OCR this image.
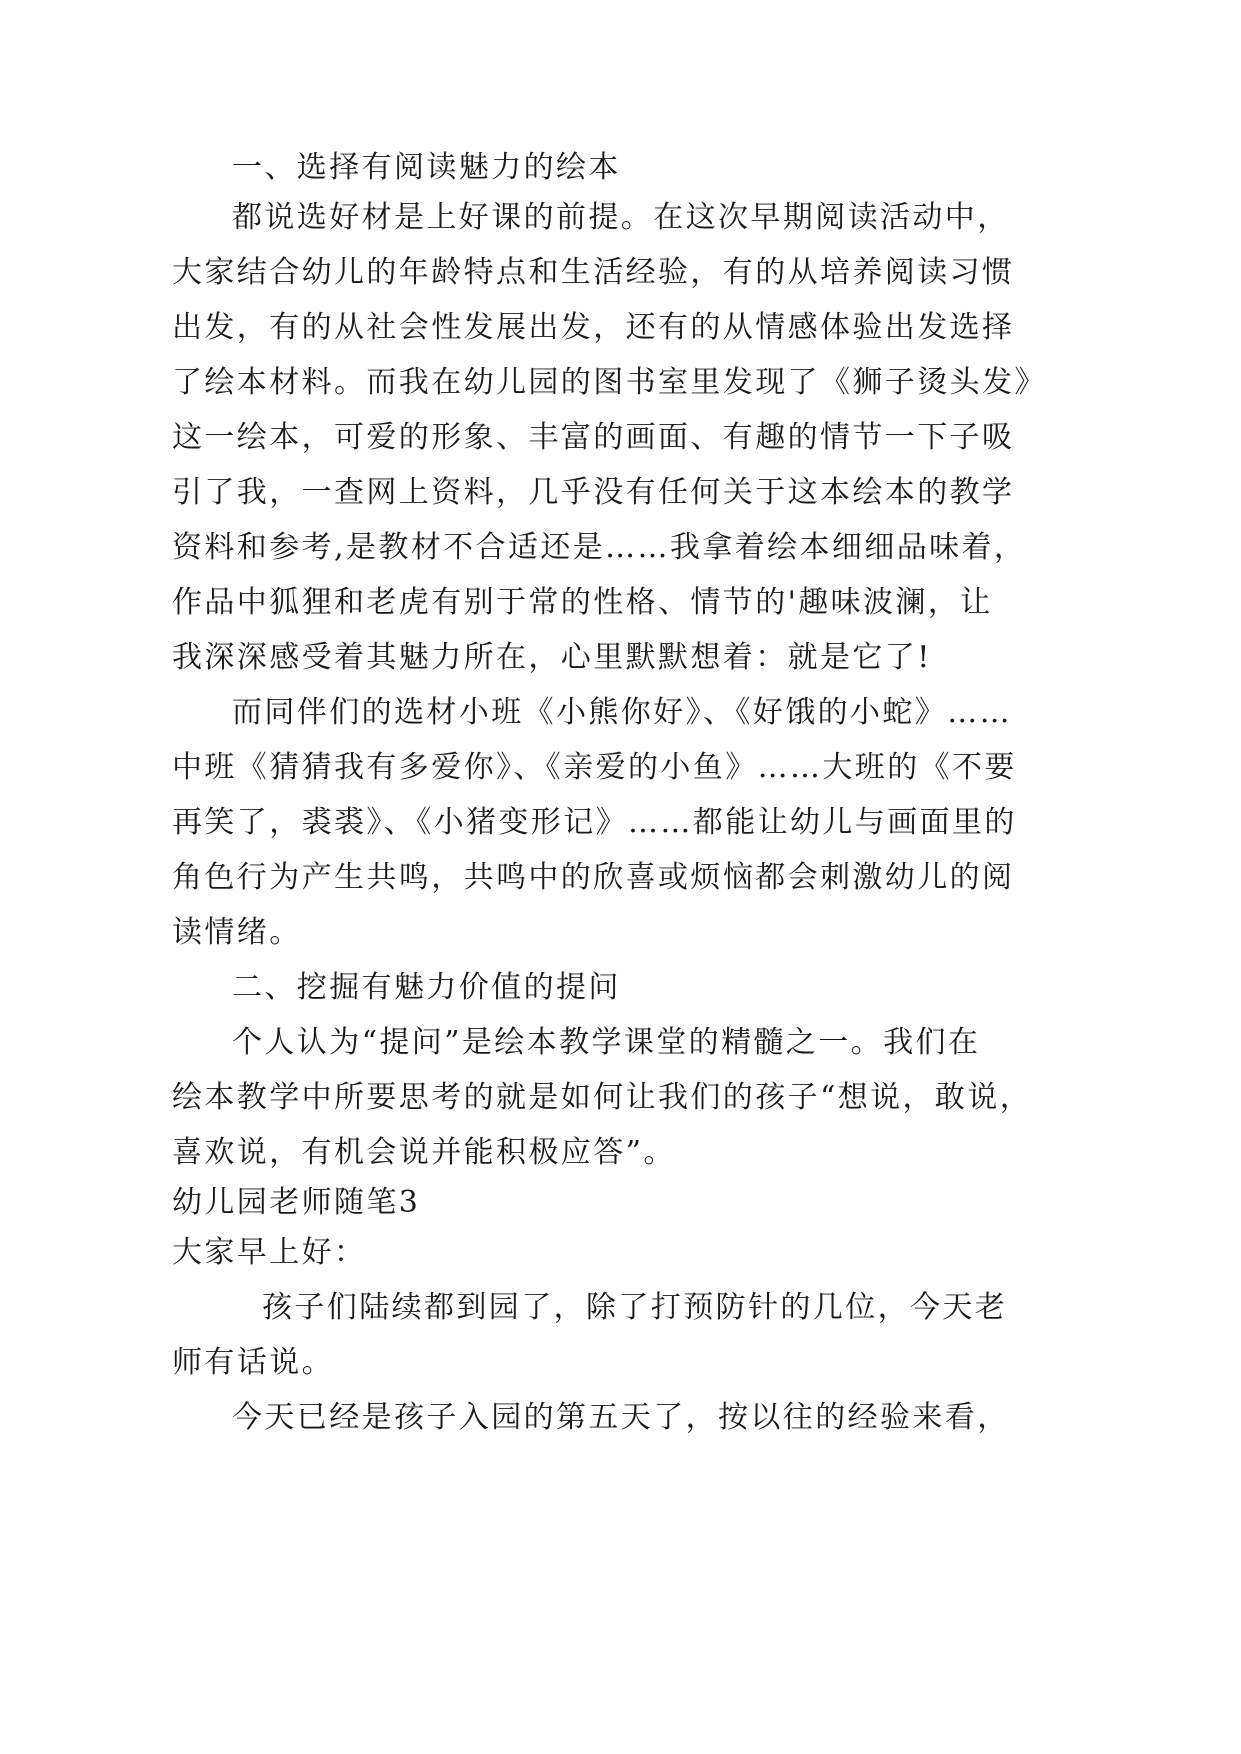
一、选择有阅读魅力的绘本

都说选好材是上好课的前提。在这次早期阅读活动中，

大家结合幼儿的年龄特点和生活经验，有的从培养阅读习惯

出发，有的从社会性发展出发，还有的从情感体验出发选择

了绘本材料。而我在幼儿园的图书室里发现了《狮子烫头发》

这一绘本，可爱的形象、丰富的画面、有趣的情节一下子吸

引了我，一查网上资料，几乎没有任何关于这本绘本的教学

资料和参考,是教材不合适还是……我拿着绘本细细品味着，

作品中狐狸和老虎有别于常的性格、情节的'趣味波澜，让

我深深感受着其魅力所在，心里默默想着：就是它了!

而同伴们的选材小班《小熊你好》、《好饿的小蛇》……

中班《猜猜我有多爱你》、《亲爱的小鱼》……大班的《不要

再笑了，裘裘》、《小猪变形记》……都能让幼儿与画面里的

角色行为产生共鸣，共鸣中的欣喜或烦恼都会刺激幼儿的阅

读情绪。

二、挖掘有魅力价值的提问

个人认为“提问”是绘本教学课堂的精髓之一。我们在

绘本教学中所要思考的就是如何让我们的孩子“想说，敢说，

喜欢说，有机会说并能积极应答”。

幼儿园老师随笔3

大家早上好：

孩子们陆续都到园了，除了打预防针的几位，今天老

师有话说。

今天已经是孩子入园的第五天了，按以往的经验来看，
